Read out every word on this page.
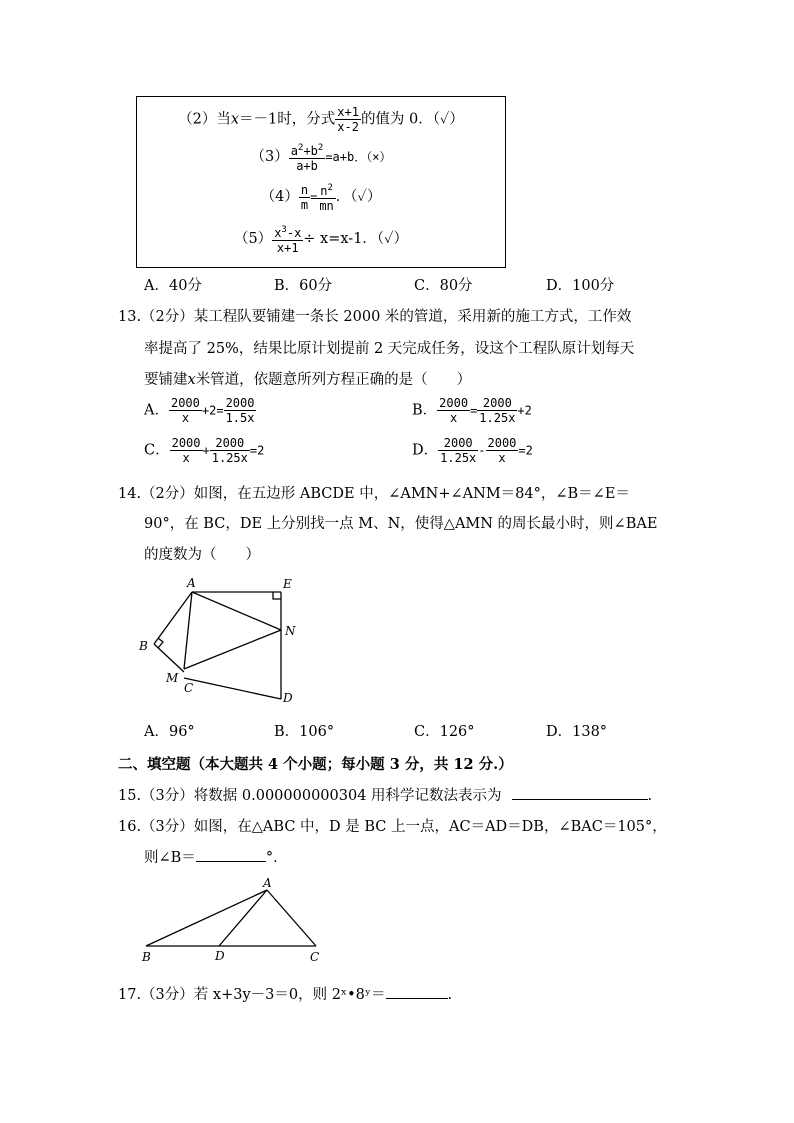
（2）当x＝－1时，分式 $\frac{x+1}{x-2}$ 的值为 0．（✓）
$(3) \frac{a^2+b^2}{a+b} =a+b$．（×）
$(4) \frac{n}{m} = \frac{n^2}{mn}$ ．（✓）
$(5) \frac{x^3-x}{x+1} \div x=x-1$．（✓）
A．40分	B．60分	C．80分	D．100分
13.（2分）某工程队要铺建一条长 2000 米的管道，采用新的施工方式，工作效
率提高了 25%，结果比原计划提前 2 天完成任务，设这个工程队原计划每天
要铺建x米管道，依题意所列方程正确的是（　　）
A． $\frac{2000}{x} +2= \frac{2000}{1.5x}$	B． $\frac{2000}{x} = \frac{2000}{1.25x} +2$
C． $\frac{2000}{x} + \frac{2000}{1.25x} =2$	D． $\frac{2000}{1.25x} - \frac{2000}{x} =2$
14.（2分）如图，在五边形 ABCDE 中，∠AMN+∠ANM＝84°，∠B＝∠E＝
90°，在 BC，DE 上分别找一点 M、N，使得△AMN 的周长最小时，则∠BAE
的度数为（　　）
A	E
N
B
M
C
D
A．96°	B．106°	C．126°	D．138°
二、填空题（本大题共 4 个小题；每小题 3 分，共 12 分.）
15.（3分）将数据 0.000000000304 用科学记数法表示为	.
16.（3分）如图，在△ABC 中，D 是 BC 上一点，AC＝AD＝DB，∠BAC＝105°，
则∠B＝	°．
A
B	D	C
17.（3分）若 x+3y－3＝0，则 2ˣ•8ʸ＝	.
